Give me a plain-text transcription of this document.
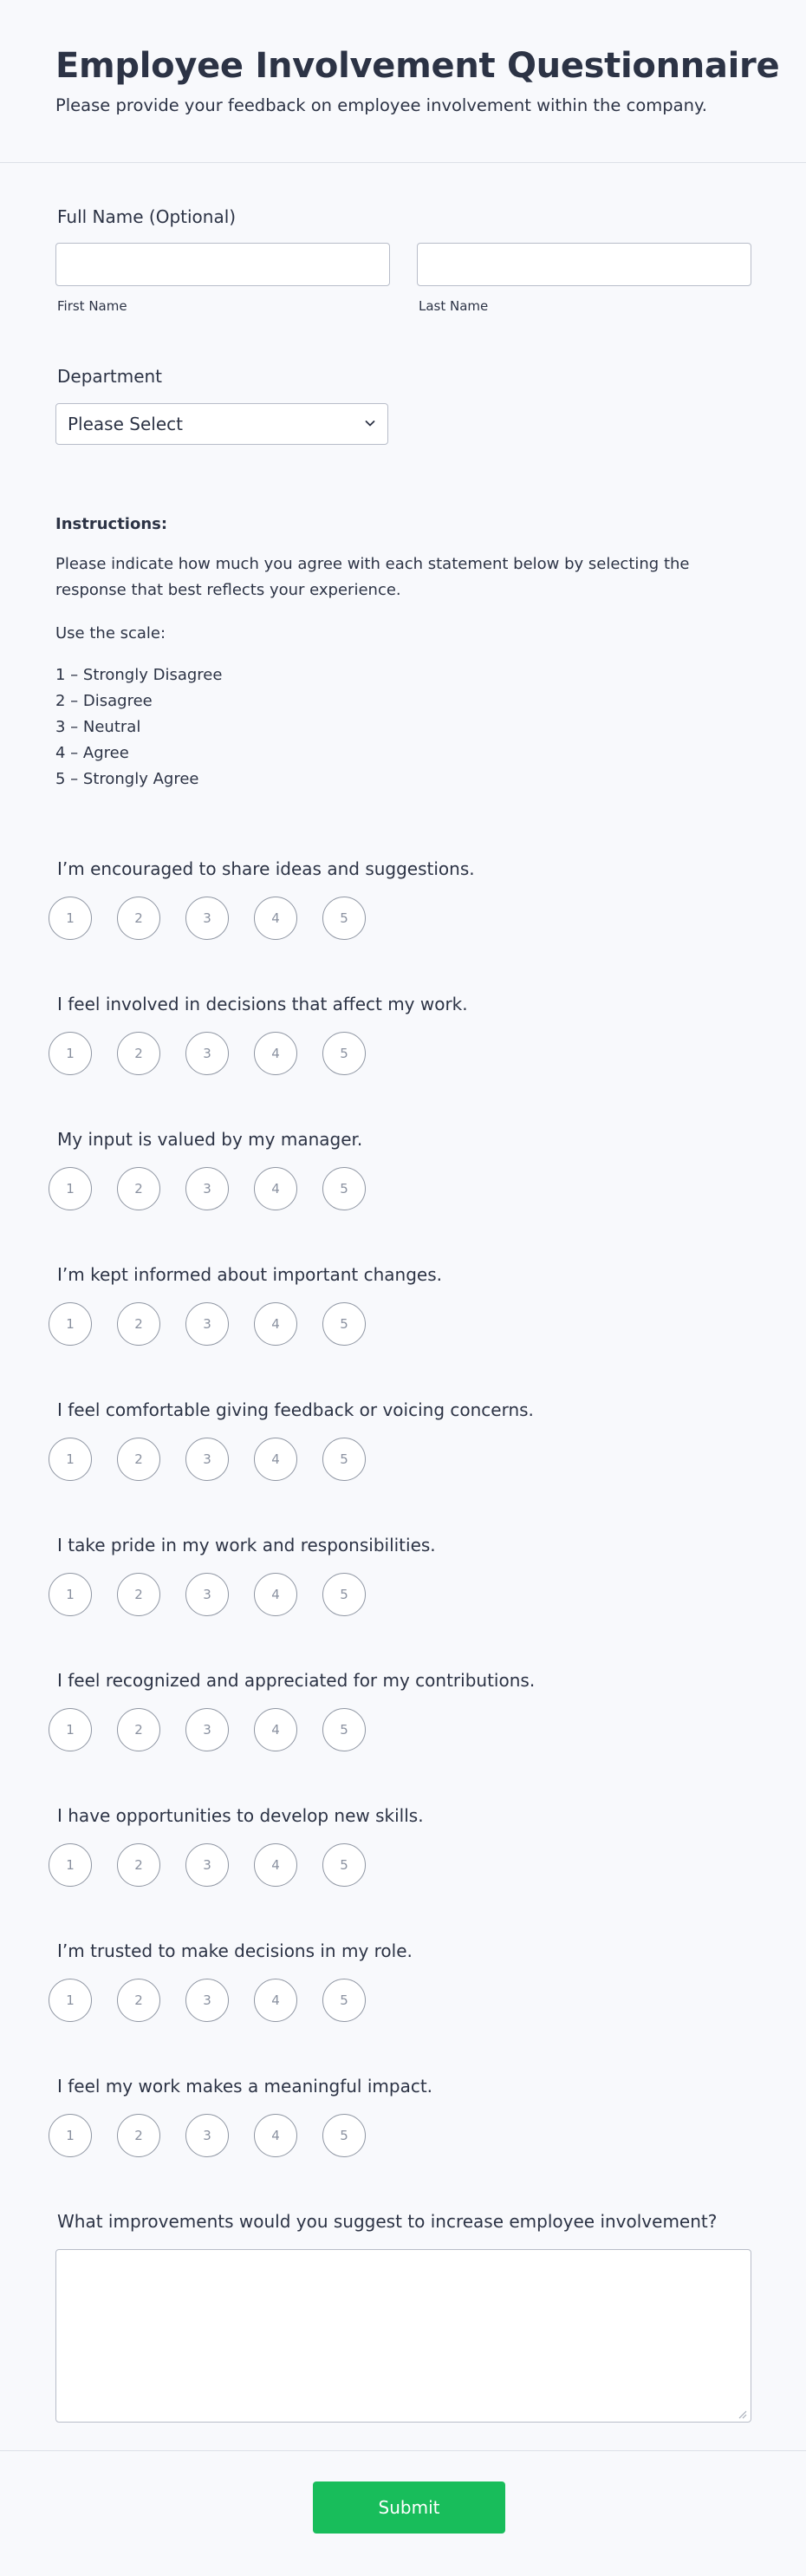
Employee Involvement Questionnaire

Please provide your feedback on employee involvement within the company.

Full Name (Optional)
First Name	Last Name
Department
Please Select
Instructions:

Please indicate how much you agree with each statement below by selecting the response that best reflects your experience.

Use the scale:

1 – Strongly Disagree
2 – Disagree
3 – Neutral
4 – Agree
5 – Strongly Agree
I’m encouraged to share ideas and suggestions.
1	2	3	4	5
I feel involved in decisions that affect my work.
1	2	3	4	5
My input is valued by my manager.
1	2	3	4	5
I’m kept informed about important changes.
1	2	3	4	5
I feel comfortable giving feedback or voicing concerns.
1	2	3	4	5
I take pride in my work and responsibilities.
1	2	3	4	5
I feel recognized and appreciated for my contributions.
1	2	3	4	5
I have opportunities to develop new skills.
1	2	3	4	5
I’m trusted to make decisions in my role.
1	2	3	4	5
I feel my work makes a meaningful impact.
1	2	3	4	5
What improvements would you suggest to increase employee involvement?
Submit
